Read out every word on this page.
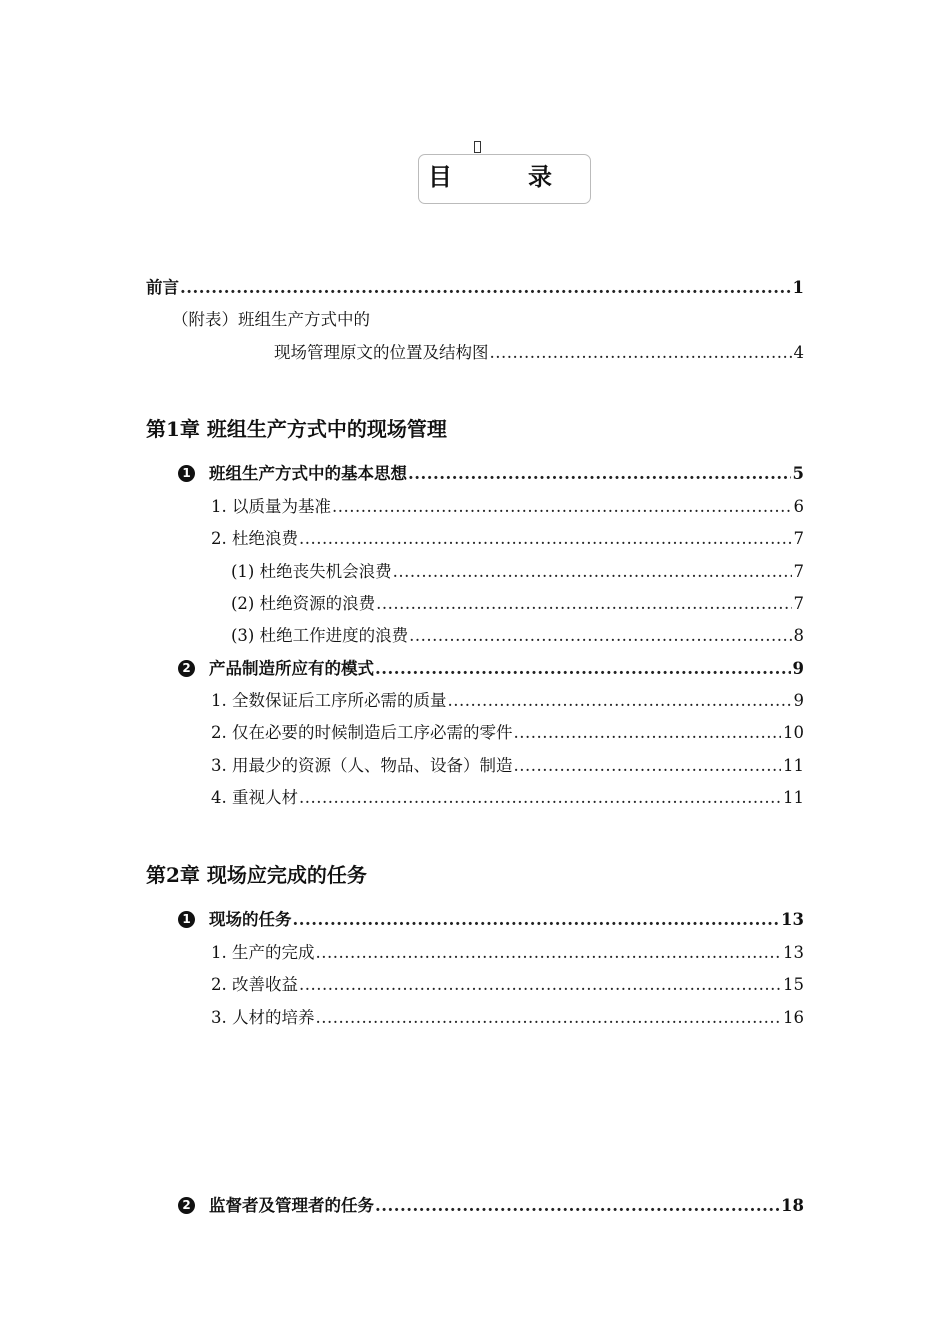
目	录
前言 .....	1
（附表）班组生产方式中的
现场管理原文的位置及结构图 .....	4
第1章 班组生产方式中的现场管理
1 班组生产方式中的基本思想 .....	5
1. 以质量为基准 .....	6
2. 杜绝浪费 .....	7
(1) 杜绝丧失机会浪费 .....	7
(2) 杜绝资源的浪费 .....	7
(3) 杜绝工作进度的浪费 .....	8
2 产品制造所应有的模式 .....	9
1. 全数保证后工序所必需的质量 .....	9
2. 仅在必要的时候制造后工序必需的零件 .....	10
3. 用最少的资源（人、物品、设备）制造 .....	11
4. 重视人材 .....	11
第2章 现场应完成的任务
1 现场的任务 .....	13
1. 生产的完成 .....	13
2. 改善收益 .....	15
3. 人材的培养 .....	16
2 监督者及管理者的任务 .....	18
